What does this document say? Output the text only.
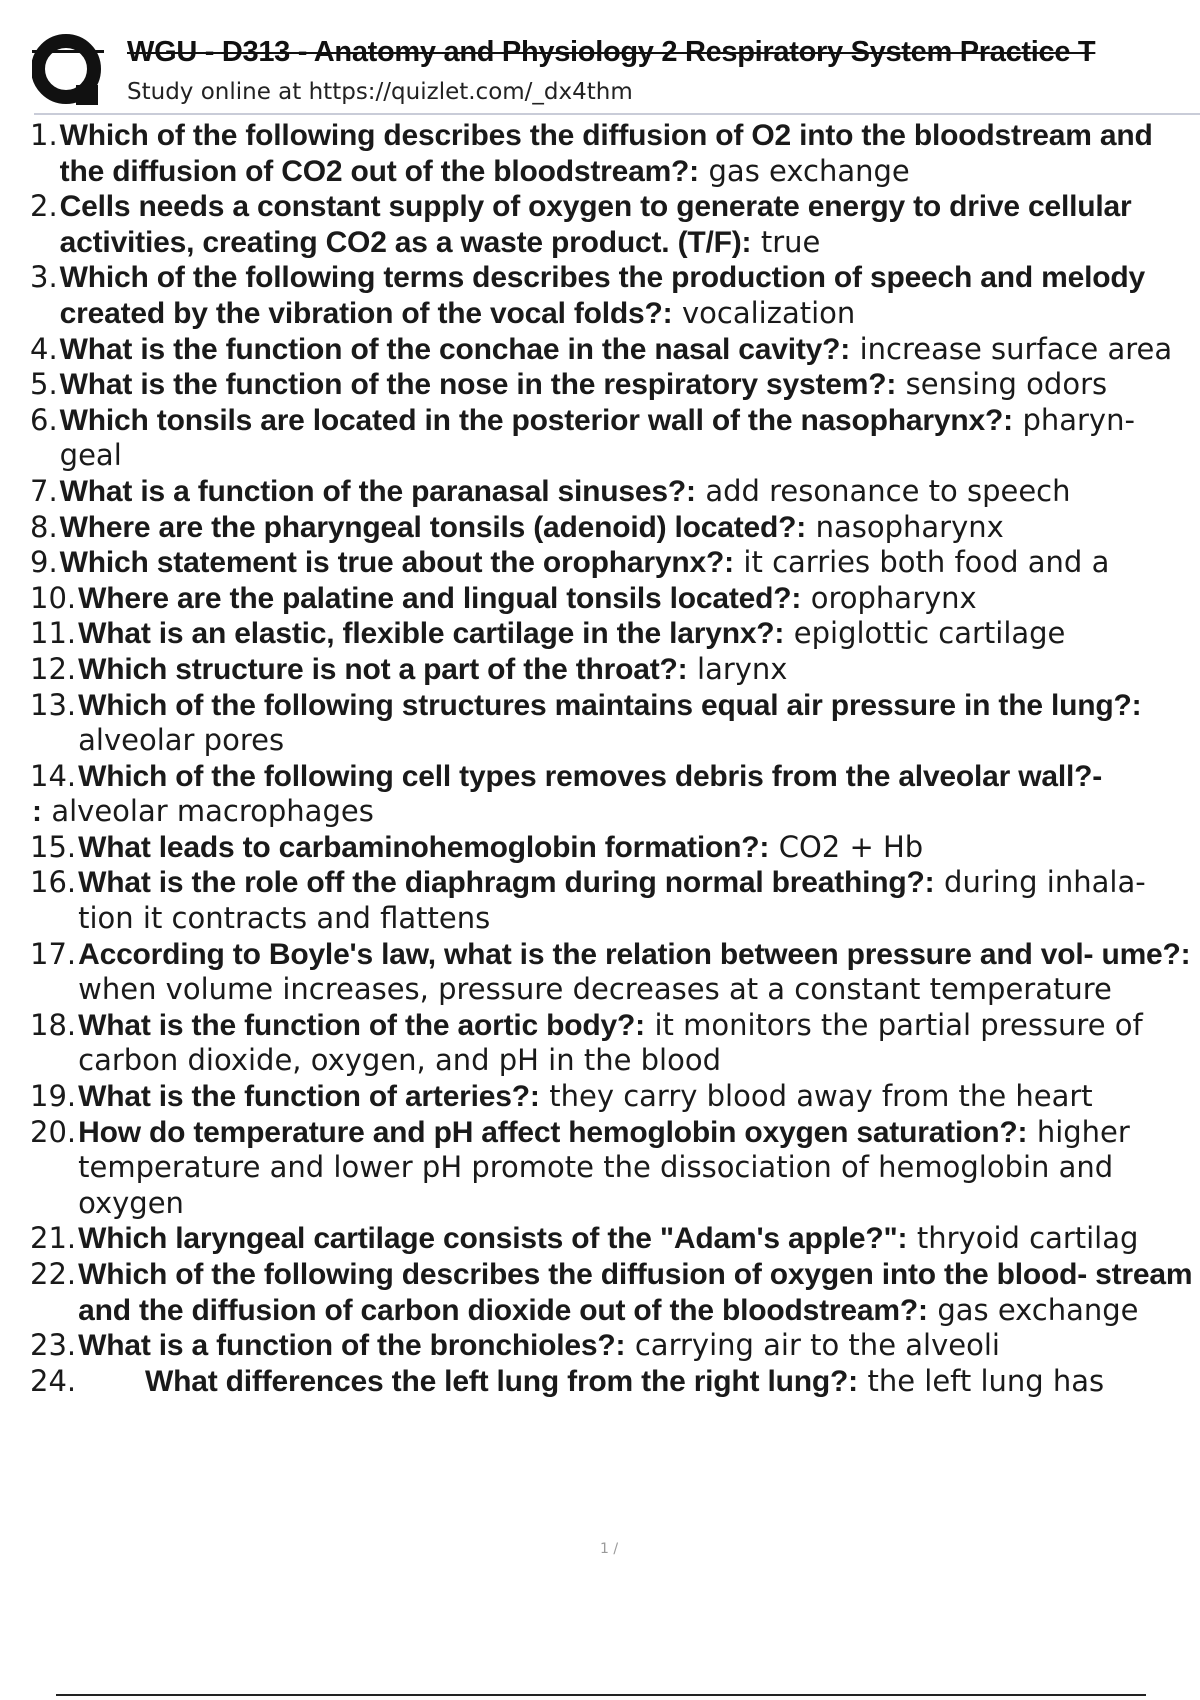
WGU - D313 - Anatomy and Physiology 2 Respiratory System Practice T
Study online at https://quizlet.com/_dx4thm
1. Which of the following describes the diffusion of O2 into the bloodstream and the diffusion of CO2 out of the bloodstream?: gas exchange
2. Cells needs a constant supply of oxygen to generate energy to drive cellular activities, creating CO2 as a waste product. (T/F): true
3. Which of the following terms describes the production of speech and melody created by the vibration of the vocal folds?: vocalization
4. What is the function of the conchae in the nasal cavity?: increase surface area
5. What is the function of the nose in the respiratory system?: sensing odors
6. Which tonsils are located in the posterior wall of the nasopharynx?: pharyn- geal
7. What is a function of the paranasal sinuses?: add resonance to speech
8. Where are the pharyngeal tonsils (adenoid) located?: nasopharynx
9. Which statement is true about the oropharynx?: it carries both food and a
10. Where are the palatine and lingual tonsils located?: oropharynx
11. What is an elastic, flexible cartilage in the larynx?: epiglottic cartilage
12. Which structure is not a part of the throat?: larynx
13. Which of the following structures maintains equal air pressure in the lung?: alveolar pores
14. Which of the following cell types removes debris from the alveolar wall?-
: alveolar macrophages
15. What leads to carbaminohemoglobin formation?: CO2 + Hb
16. What is the role off the diaphragm during normal breathing?: during inhala- tion it contracts and flattens
17. According to Boyle's law, what is the relation between pressure and vol- ume?: when volume increases, pressure decreases at a constant temperature
18. What is the function of the aortic body?: it monitors the partial pressure of carbon dioxide, oxygen, and pH in the blood
19. What is the function of arteries?: they carry blood away from the heart
20. How do temperature and pH affect hemoglobin oxygen saturation?: higher temperature and lower pH promote the dissociation of hemoglobin and oxygen
21. Which laryngeal cartilage consists of the "Adam's apple?": thryoid cartilag
22. Which of the following describes the diffusion of oxygen into the blood- stream and the diffusion of carbon dioxide out of the bloodstream?: gas exchange
23. What is a function of the bronchioles?: carrying air to the alveoli
24.	What differences the left lung from the right lung?: the left lung has
1 /
